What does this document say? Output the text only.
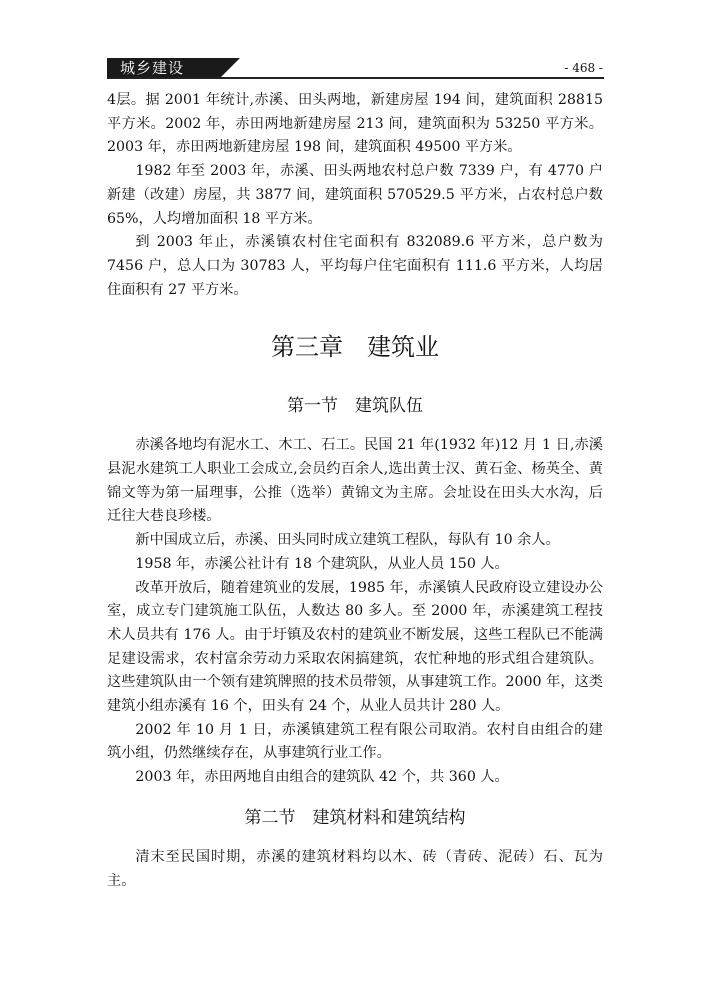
城乡建设	- 468 -

4层。据 2001 年统计,赤溪、田头两地，新建房屋 194 间，建筑面积 28815 平方米。2002 年，赤田两地新建房屋 213 间，建筑面积为 53250 平方米。2003 年，赤田两地新建房屋 198 间，建筑面积 49500 平方米。

1982 年至 2003 年，赤溪、田头两地农村总户数 7339 户，有 4770 户新建（改建）房屋，共 3877 间，建筑面积 570529.5 平方米，占农村总户数 65%，人均增加面积 18 平方米。

到 2003 年止，赤溪镇农村住宅面积有 832089.6 平方米，总户数为 7456 户，总人口为 30783 人，平均每户住宅面积有 111.6 平方米，人均居住面积有 27 平方米。

第三章　建筑业
第一节　建筑队伍

赤溪各地均有泥水工、木工、石工。民国 21 年(1932 年)12 月 1 日,赤溪县泥水建筑工人职业工会成立,会员约百余人,选出黄士汉、黄石金、杨英全、黄锦文等为第一届理事，公推（选举）黄锦文为主席。会址设在田头大水沟，后迁往大巷良珍楼。

新中国成立后，赤溪、田头同时成立建筑工程队，每队有 10 余人。

1958 年，赤溪公社计有 18 个建筑队，从业人员 150 人。

改革开放后，随着建筑业的发展，1985 年，赤溪镇人民政府设立建设办公室，成立专门建筑施工队伍，人数达 80 多人。至 2000 年，赤溪建筑工程技术人员共有 176 人。由于圩镇及农村的建筑业不断发展，这些工程队已不能满足建设需求，农村富余劳动力采取农闲搞建筑，农忙种地的形式组合建筑队。这些建筑队由一个领有建筑牌照的技术员带领，从事建筑工作。2000 年，这类建筑小组赤溪有 16 个，田头有 24 个，从业人员共计 280 人。

2002 年 10 月 1 日，赤溪镇建筑工程有限公司取消。农村自由组合的建筑小组，仍然继续存在，从事建筑行业工作。

2003 年，赤田两地自由组合的建筑队 42 个，共 360 人。

第二节　建筑材料和建筑结构

清末至民国时期，赤溪的建筑材料均以木、砖（青砖、泥砖）石、瓦为主。
